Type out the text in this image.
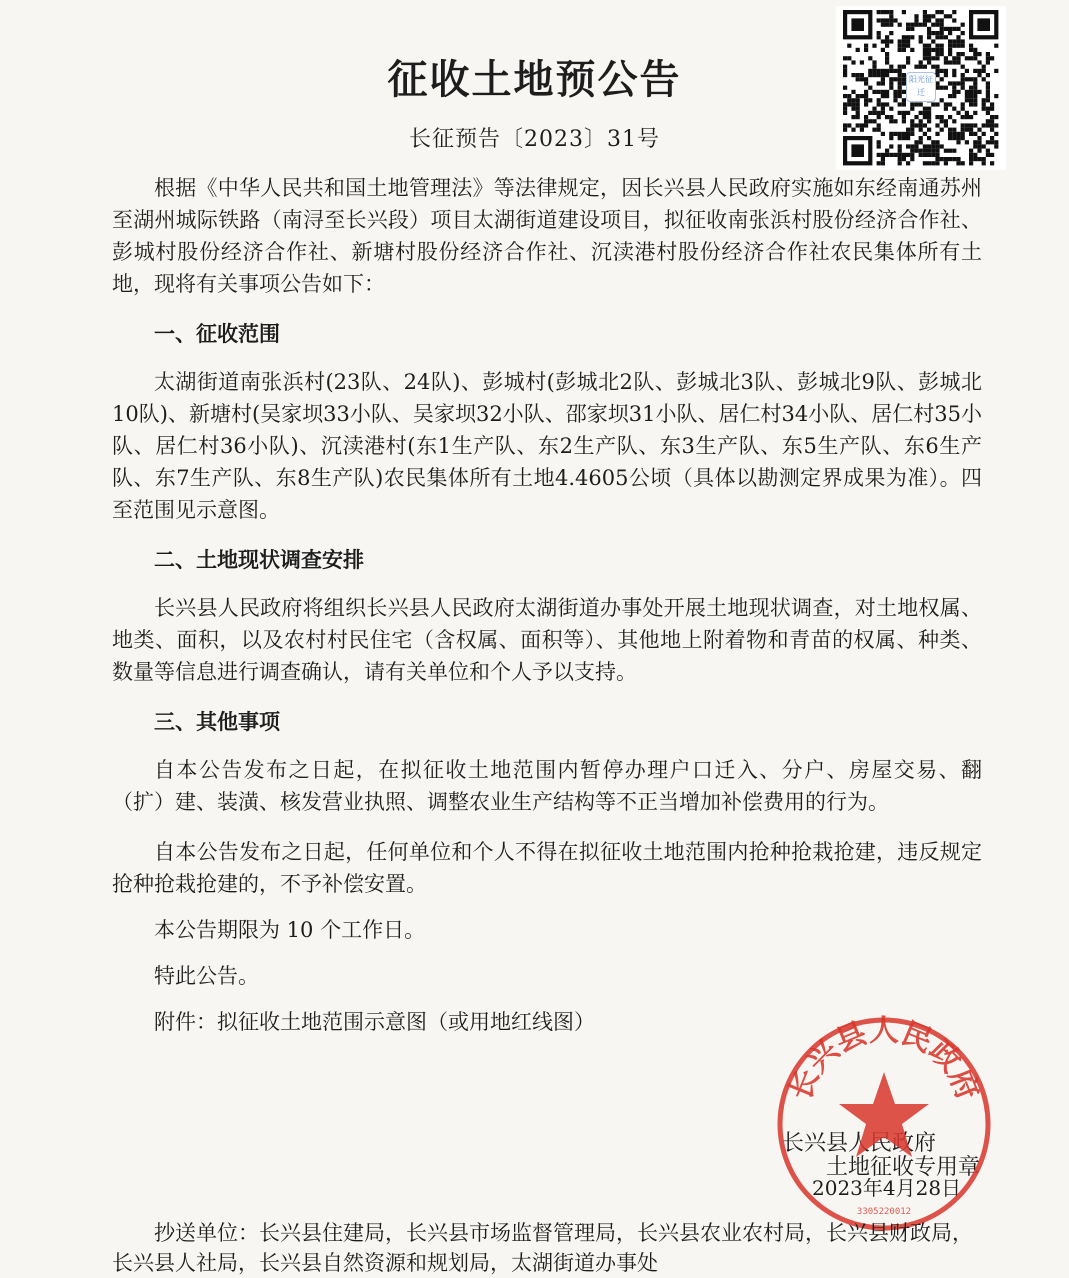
阳光征迁
征收土地预公告

长征预告〔2023〕31号

根据《中华人民共和国土地管理法》等法律规定，因长兴县人民政府实施如东经南通苏州至湖州城际铁路（南浔至长兴段）项目太湖街道建设项目，拟征收南张浜村股份经济合作社、彭城村股份经济合作社、新塘村股份经济合作社、沉渎港村股份经济合作社农民集体所有土地，现将有关事项公告如下：

一、征收范围

太湖街道南张浜村(23队、24队)、彭城村(彭城北2队、彭城北3队、彭城北9队、彭城北10队)、新塘村(吴家坝33小队、吴家坝32小队、邵家坝31小队、居仁村34小队、居仁村35小队、居仁村36小队)、沉渎港村(东1生产队、东2生产队、东3生产队、东5生产队、东6生产队、东7生产队、东8生产队)农民集体所有土地4.4605公顷（具体以勘测定界成果为准）。四至范围见示意图。

二、土地现状调查安排

长兴县人民政府将组织长兴县人民政府太湖街道办事处开展土地现状调查，对土地权属、地类、面积，以及农村村民住宅（含权属、面积等）、其他地上附着物和青苗的权属、种类、数量等信息进行调查确认，请有关单位和个人予以支持。

三、其他事项

自本公告发布之日起，在拟征收土地范围内暂停办理户口迁入、分户、房屋交易、翻（扩）建、装潢、核发营业执照、调整农业生产结构等不正当增加补偿费用的行为。

自本公告发布之日起，任何单位和个人不得在拟征收土地范围内抢种抢栽抢建，违反规定抢种抢栽抢建的，不予补偿安置。

本公告期限为 10 个工作日。

特此公告。

附件：拟征收土地范围示意图（或用地红线图）

长兴县人民政府

土地征收专用章

2023年4月28日

长兴县人民政府
3305220012

抄送单位：长兴县住建局，长兴县市场监督管理局，长兴县农业农村局，长兴县财政局，长兴县人社局，长兴县自然资源和规划局，太湖街道办事处
